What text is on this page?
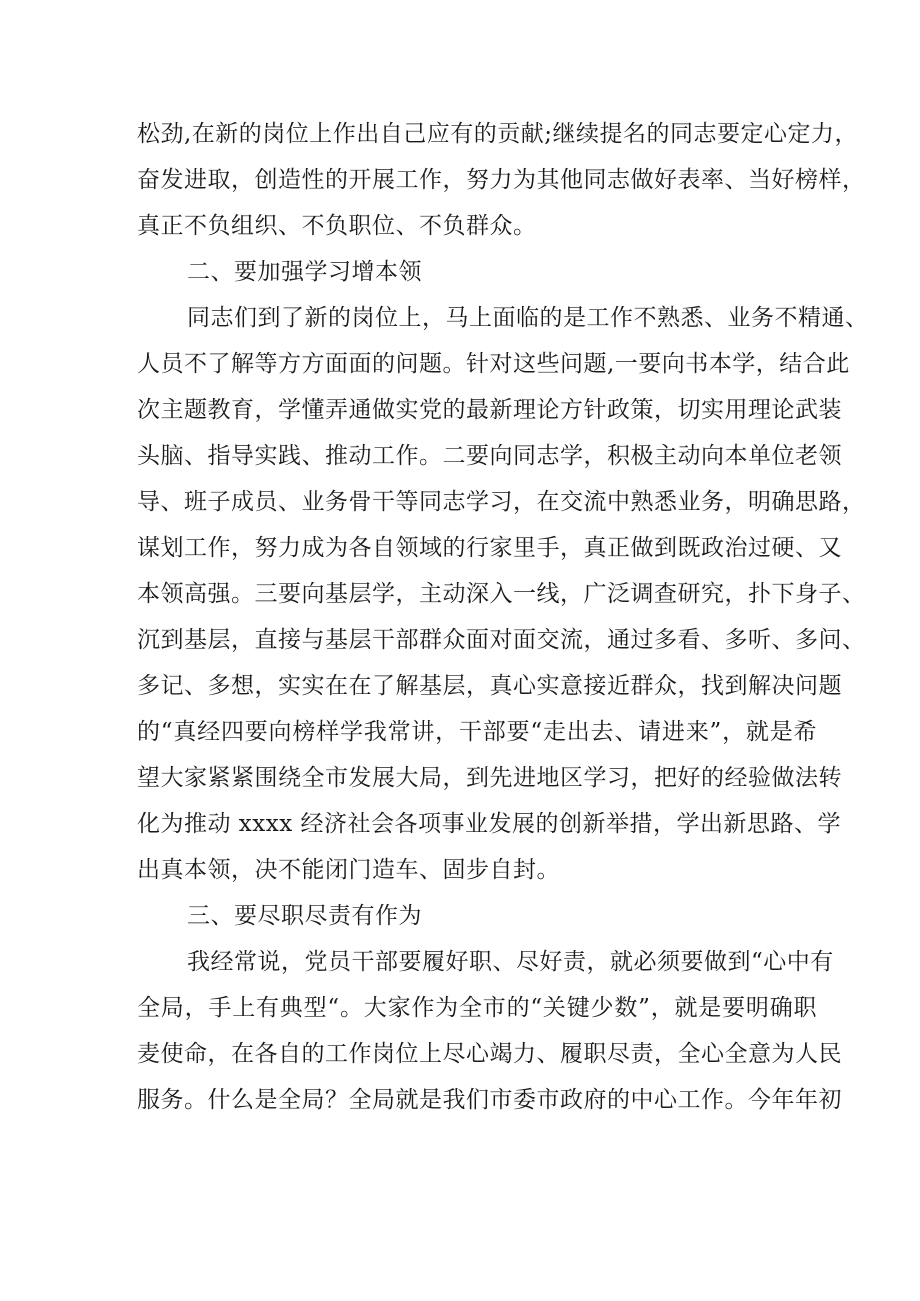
松劲,在新的岗位上作出自己应有的贡献;继续提名的同志要定心定力，
奋发进取，创造性的开展工作，努力为其他同志做好表率、当好榜样，
真正不负组织、不负职位、不负群众。
二、要加强学习增本领
同志们到了新的岗位上，马上面临的是工作不熟悉、业务不精通、
人员不了解等方方面面的问题。针对这些问题,一要向书本学，结合此
次主题教育，学懂弄通做实党的最新理论方针政策，切实用理论武装
头脑、指导实践、推动工作。二要向同志学，积极主动向本单位老领
导、班子成员、业务骨干等同志学习，在交流中熟悉业务，明确思路，
谋划工作，努力成为各自领域的行家里手，真正做到既政治过硬、又
本领高强。三要向基层学，主动深入一线，广泛调查研究，扑下身子、
沉到基层，直接与基层干部群众面对面交流，通过多看、多听、多问、
多记、多想，实实在在了解基层，真心实意接近群众，找到解决问题
的“真经四要向榜样学我常讲，干部要“走出去、请进来”，就是希
望大家紧紧围绕全市发展大局，到先进地区学习，把好的经验做法转
化为推动 xxxx 经济社会各项事业发展的创新举措，学出新思路、学
出真本领，决不能闭门造车、固步自封。
三、要尽职尽责有作为
我经常说，党员干部要履好职、尽好责，就必须要做到“心中有
全局，手上有典型“。大家作为全市的“关键少数”，就是要明确职
麦使命，在各自的工作岗位上尽心竭力、履职尽责，全心全意为人民
服务。什么是全局？全局就是我们市委市政府的中心工作。今年年初
